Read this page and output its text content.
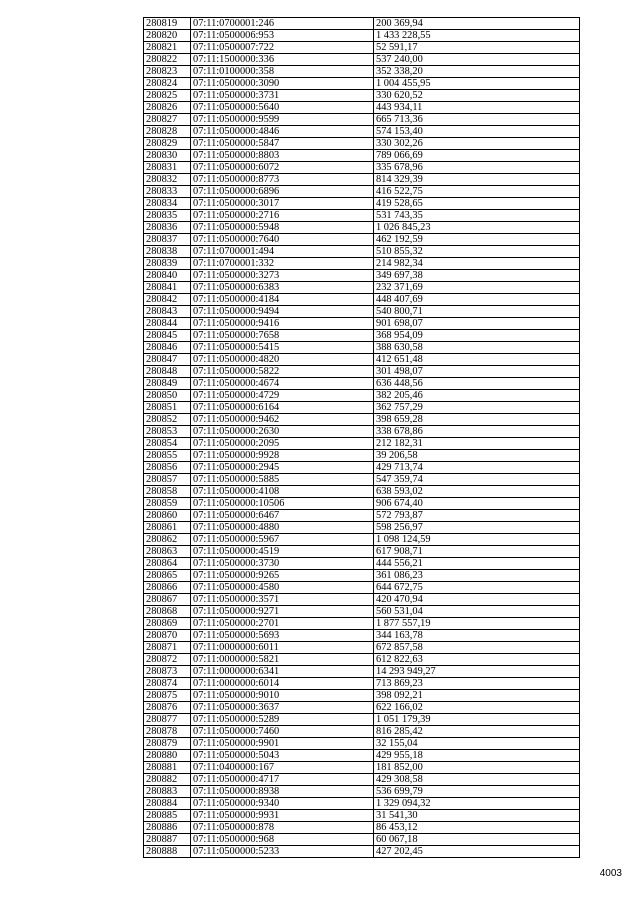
280819	07:11:0700001:246	200 369,94
280820	07:11:0500006:953	1 433 228,55
280821	07:11:0500007:722	52 591,17
280822	07:11:1500000:336	537 240,00
280823	07:11:0100000:358	352 338,20
280824	07:11:0500000:3090	1 004 455,95
280825	07:11:0500000:3731	330 620,52
280826	07:11:0500000:5640	443 934,11
280827	07:11:0500000:9599	665 713,36
280828	07:11:0500000:4846	574 153,40
280829	07:11:0500000:5847	330 302,26
280830	07:11:0500000:8803	789 066,69
280831	07:11:0500000:6072	335 678,96
280832	07:11:0500000:8773	814 329,39
280833	07:11:0500000:6896	416 522,75
280834	07:11:0500000:3017	419 528,65
280835	07:11:0500000:2716	531 743,35
280836	07:11:0500000:5948	1 026 845,23
280837	07:11:0500000:7640	462 192,59
280838	07:11:0700001:494	510 855,32
280839	07:11:0700001:332	214 982,34
280840	07:11:0500000:3273	349 697,38
280841	07:11:0500000:6383	232 371,69
280842	07:11:0500000:4184	448 407,69
280843	07:11:0500000:9494	540 800,71
280844	07:11:0500000:9416	901 698,07
280845	07:11:0500000:7658	368 954,09
280846	07:11:0500000:5415	388 630,58
280847	07:11:0500000:4820	412 651,48
280848	07:11:0500000:5822	301 498,07
280849	07:11:0500000:4674	636 448,56
280850	07:11:0500000:4729	382 205,46
280851	07:11:0500000:6164	362 757,29
280852	07:11:0500000:9462	398 659,28
280853	07:11:0500000:2630	338 678,86
280854	07:11:0500000:2095	212 182,31
280855	07:11:0500000:9928	39 206,58
280856	07:11:0500000:2945	429 713,74
280857	07:11:0500000:5885	547 359,74
280858	07:11:0500000:4108	638 593,02
280859	07:11:0500000:10506	906 674,40
280860	07:11:0500000:6467	572 793,87
280861	07:11:0500000:4880	598 256,97
280862	07:11:0500000:5967	1 098 124,59
280863	07:11:0500000:4519	617 908,71
280864	07:11:0500000:3730	444 556,21
280865	07:11:0500000:9265	361 086,23
280866	07:11:0500000:4580	644 672,75
280867	07:11:0500000:3571	420 470,94
280868	07:11:0500000:9271	560 531,04
280869	07:11:0500000:2701	1 877 557,19
280870	07:11:0500000:5693	344 163,78
280871	07:11:0000000:6011	672 857,58
280872	07:11:0000000:5821	612 822,63
280873	07:11:0000000:6341	14 293 949,27
280874	07:11:0000000:6014	713 869,23
280875	07:11:0500000:9010	398 092,21
280876	07:11:0500000:3637	622 166,02
280877	07:11:0500000:5289	1 051 179,39
280878	07:11:0500000:7460	816 285,42
280879	07:11:0500000:9901	32 155,04
280880	07:11:0500000:5043	429 955,18
280881	07:11:0400000:167	181 852,00
280882	07:11:0500000:4717	429 308,58
280883	07:11:0500000:8938	536 699,79
280884	07:11:0500000:9340	1 329 094,32
280885	07:11:0500000:9931	31 541,30
280886	07:11:0500000:878	86 453,12
280887	07:11:0500000:968	60 067,18
280888	07:11:0500000:5233	427 202,45
4003
